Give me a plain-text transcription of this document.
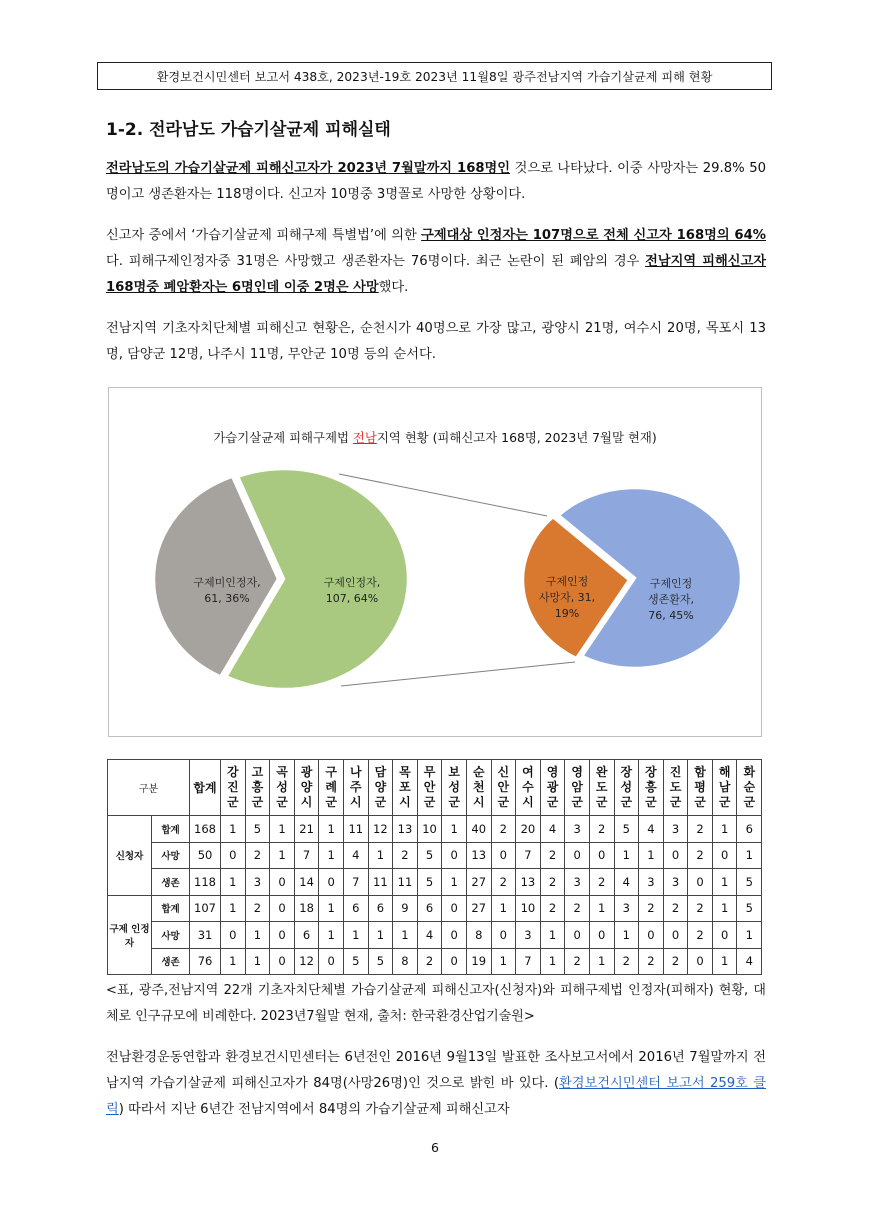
환경보건시민센터 보고서 438호, 2023년-19호 2023년 11월8일 광주전남지역 가습기살균제 피해 현황
1-2. 전라남도 가습기살균제 피해실태
전라남도의 가습기살균제 피해신고자가 2023년 7월말까지 168명인 것으로 나타났다. 이중 사망자는 29.8% 50명이고 생존환자는 118명이다. 신고자 10명중 3명꼴로 사망한 상황이다.
신고자 중에서 ‘가습기살균제 피해구제 특별법’에 의한 구제대상 인정자는 107명으로 전체 신고자 168명의 64%다. 피해구제인정자중 31명은 사망했고 생존환자는 76명이다. 최근 논란이 된 폐암의 경우 전남지역 피해신고자 168명중 폐암환자는 6명인데 이중 2명은 사망했다.
전남지역 기초자치단체별 피해신고 현황은, 순천시가 40명으로 가장 많고, 광양시 21명, 여수시 20명, 목포시 13명, 담양군 12명, 나주시 11명, 무안군 10명 등의 순서다.
가습기살균제 피해구제법 전남지역 현황 (피해신고자 168명, 2023년 7월말 현재)
구제인정자, 107, 64%
구제미인정자, 61, 36%
구제인정 생존환자, 76, 45%
구제인정 사망자, 31, 19%
구분		합계	강진군	고흥군	곡성군	광양시	구례군	나주시	담양군	목포시	무안군	보성군	순천시	신안군	여수시	영광군	영암군	완도군	장성군	장흥군	진도군	함평군	해남군	화순군
신청자	합계	168	1	5	1	21	1	11	12	13	10	1	40	2	20	4	3	2	5	4	3	2	1	6
	사망	50	0	2	1	7	1	4	1	2	5	0	13	0	7	2	0	0	1	1	0	2	0	1
	생존	118	1	3	0	14	0	7	11	11	5	1	27	2	13	2	3	2	4	3	3	0	1	5
구제 인정자	합계	107	1	2	0	18	1	6	6	9	6	0	27	1	10	2	2	1	3	2	2	2	1	5
	사망	31	0	1	0	6	1	1	1	1	4	0	8	0	3	1	0	0	1	0	0	2	0	1
	생존	76	1	1	0	12	0	5	5	8	2	0	19	1	7	1	2	1	2	2	2	0	1	4
<표, 광주,전남지역 22개 기초자치단체별 가습기살균제 피해신고자(신청자)와 피해구제법 인정자(피해자) 현황, 대체로 인구규모에 비례한다. 2023년7월말 현재, 출처: 한국환경산업기술원>
전남환경운동연합과 환경보건시민센터는 6년전인 2016년 9월13일 발표한 조사보고서에서 2016년 7월말까지 전남지역 가습기살균제 피해신고자가 84명(사망26명)인 것으로 밝힌 바 있다. (환경보건시민센터 보고서 259호 클릭) 따라서 지난 6년간 전남지역에서 84명의 가습기살균제 피해신고자
6
